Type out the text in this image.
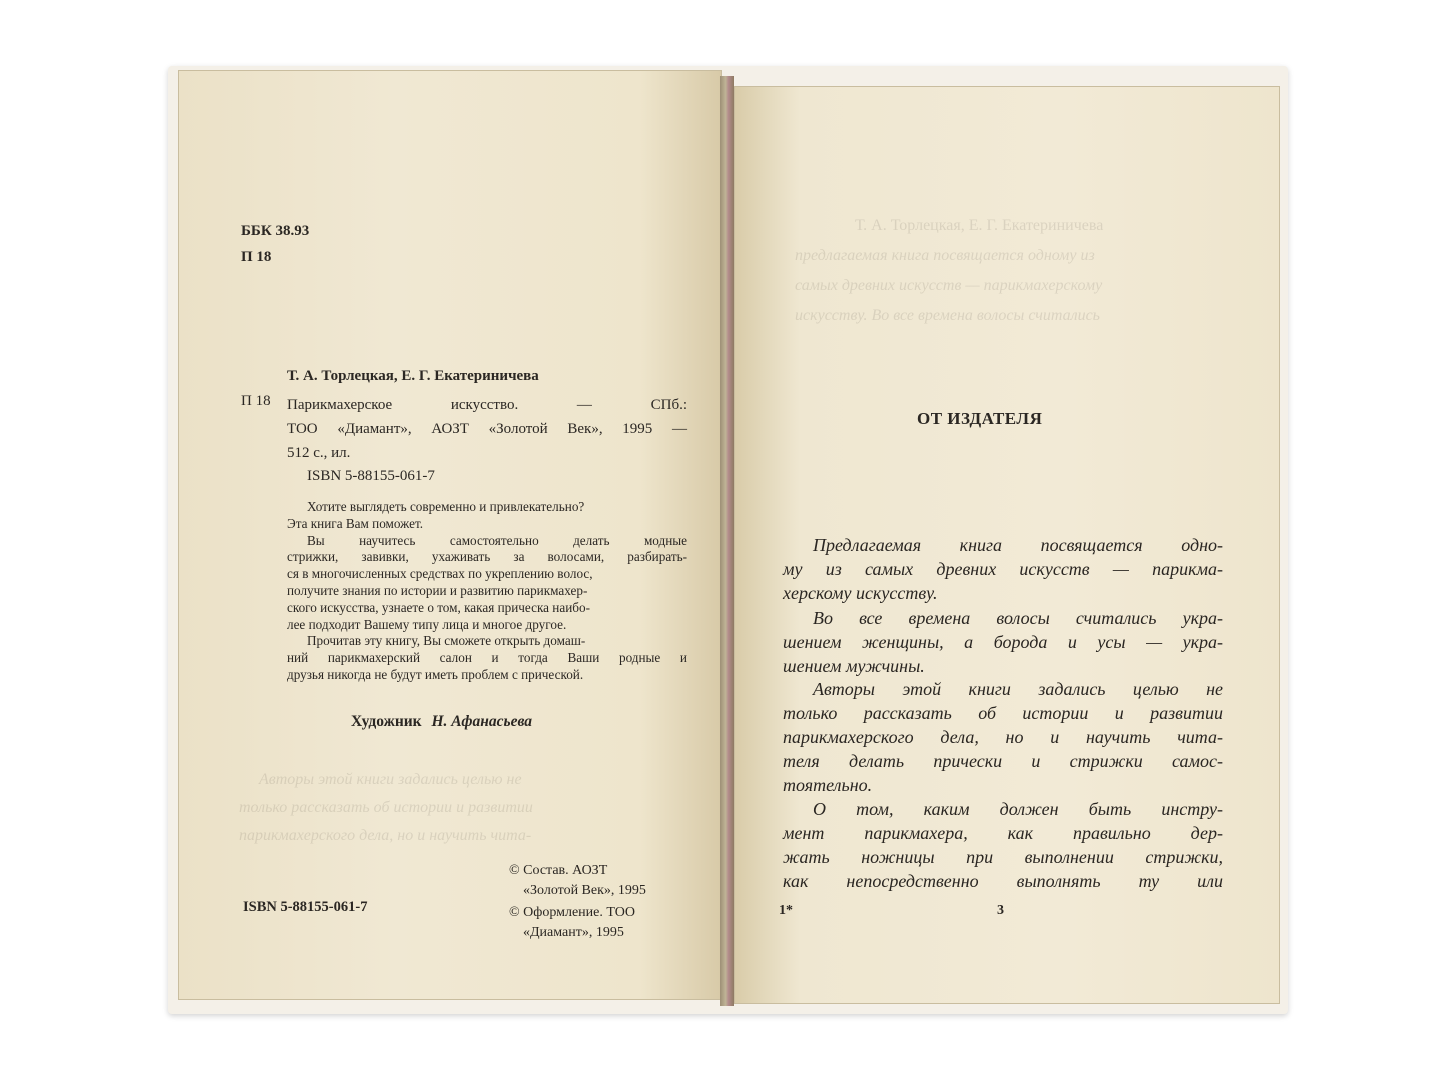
Авторы этой книги задались целью не
только рассказать об истории и развитии
парикмахерского дела, но и научить чита-
ББК 38.93
П 18
Т. А. Торлецкая, Е. Г. Екатериничева
П 18 Парикмахерское искусство. — СПб.:
ТОО «Диамант», АОЗТ «Золотой Век», 1995 —
512 с., ил.
ISBN 5-88155-061-7
Хотите выглядеть современно и привлекательно?
Эта книга Вам поможет.
Вы научитесь самостоятельно делать модные
стрижки, завивки, ухаживать за волосами, разбирать-
ся в многочисленных средствах по укреплению волос,
получите знания по истории и развитию парикмахер-
ского искусства, узнаете о том, какая прическа наибо-
лее подходит Вашему типу лица и многое другое.
Прочитав эту книгу, Вы сможете открыть домаш-
ний парикмахерский салон и тогда Ваши родные и
друзья никогда не будут иметь проблем с прической.
Художник Н. Афанасьева
© Состав. АОЗТ
«Золотой Век», 1995
ISBN 5-88155-061-7	© Оформление. ТОО
«Диамант», 1995
Т. А. Торлецкая, Е. Г. Екатериничева
предлагаемая книга посвящается одному из
самых древних искусств — парикмахерскому
искусству. Во все времена волосы считались
ОТ ИЗДАТЕЛЯ
Предлагаемая книга посвящается одно-
му из самых древних искусств — парикма-
херскому искусству.
Во все времена волосы считались укра-
шением женщины, а борода и усы — укра-
шением мужчины.
Авторы этой книги задались целью не
только рассказать об истории и развитии
парикмахерского дела, но и научить чита-
теля делать прически и стрижки самос-
тоятельно.
О том, каким должен быть инстру-
мент парикмахера, как правильно дер-
жать ножницы при выполнении стрижки,
как непосредственно выполнять ту или
1*	3
